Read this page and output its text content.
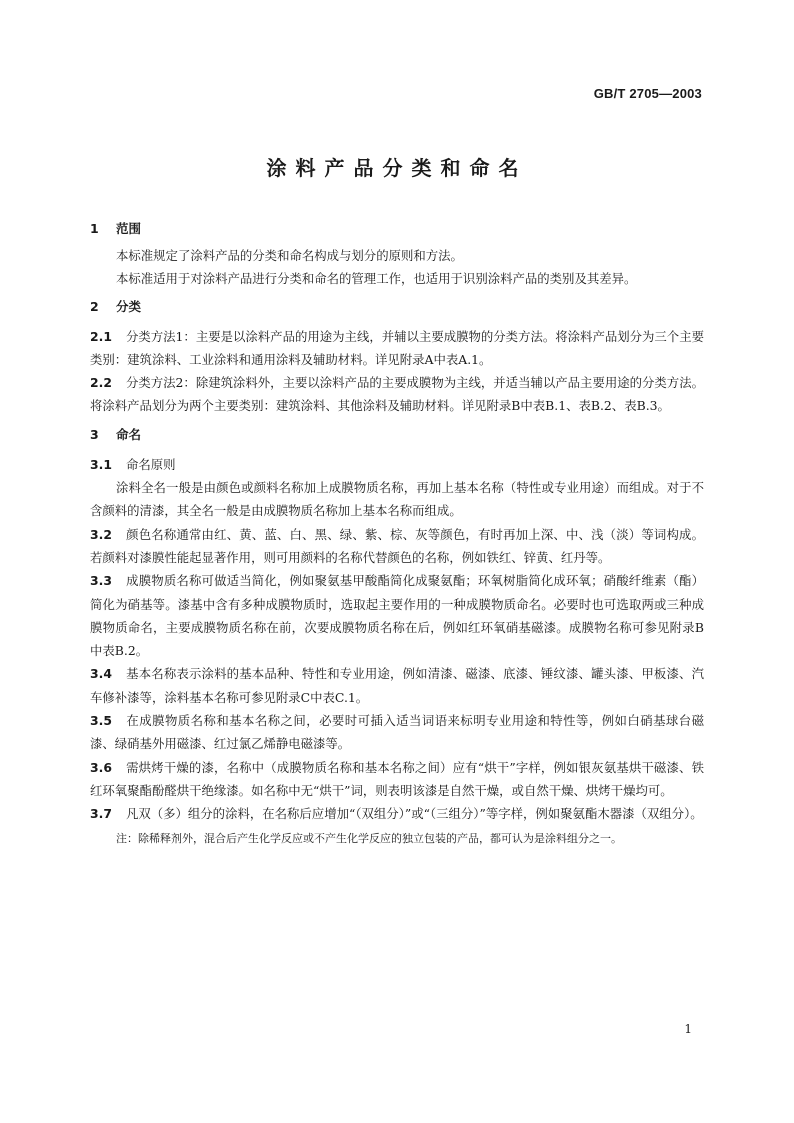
GB/T 2705—2003
涂料产品分类和命名
1 范围

本标准规定了涂料产品的分类和命名构成与划分的原则和方法。

本标准适用于对涂料产品进行分类和命名的管理工作，也适用于识别涂料产品的类别及其差异。

2 分类

2.1 分类方法1：主要是以涂料产品的用途为主线，并辅以主要成膜物的分类方法。将涂料产品划分为三个主要类别：建筑涂料、工业涂料和通用涂料及辅助材料。详见附录A中表A.1。

2.2 分类方法2：除建筑涂料外，主要以涂料产品的主要成膜物为主线，并适当辅以产品主要用途的分类方法。将涂料产品划分为两个主要类别：建筑涂料、其他涂料及辅助材料。详见附录B中表B.1、表B.2、表B.3。

3 命名

3.1 命名原则

涂料全名一般是由颜色或颜料名称加上成膜物质名称，再加上基本名称（特性或专业用途）而组成。对于不含颜料的清漆，其全名一般是由成膜物质名称加上基本名称而组成。

3.2 颜色名称通常由红、黄、蓝、白、黑、绿、紫、棕、灰等颜色，有时再加上深、中、浅（淡）等词构成。若颜料对漆膜性能起显著作用，则可用颜料的名称代替颜色的名称，例如铁红、锌黄、红丹等。

3.3 成膜物质名称可做适当简化，例如聚氨基甲酸酯简化成聚氨酯；环氧树脂简化成环氧；硝酸纤维素（酯）简化为硝基等。漆基中含有多种成膜物质时，选取起主要作用的一种成膜物质命名。必要时也可选取两或三种成膜物质命名，主要成膜物质名称在前，次要成膜物质名称在后，例如红环氧硝基磁漆。成膜物名称可参见附录B中表B.2。

3.4 基本名称表示涂料的基本品种、特性和专业用途，例如清漆、磁漆、底漆、锤纹漆、罐头漆、甲板漆、汽车修补漆等，涂料基本名称可参见附录C中表C.1。

3.5 在成膜物质名称和基本名称之间，必要时可插入适当词语来标明专业用途和特性等，例如白硝基球台磁漆、绿硝基外用磁漆、红过氯乙烯静电磁漆等。

3.6 需烘烤干燥的漆，名称中（成膜物质名称和基本名称之间）应有“烘干”字样，例如银灰氨基烘干磁漆、铁红环氧聚酯酚醛烘干绝缘漆。如名称中无“烘干”词，则表明该漆是自然干燥，或自然干燥、烘烤干燥均可。

3.7 凡双（多）组分的涂料，在名称后应增加“（双组分）”或“（三组分）”等字样，例如聚氨酯木器漆（双组分）。

注：除稀释剂外，混合后产生化学反应或不产生化学反应的独立包装的产品，都可认为是涂料组分之一。

1
